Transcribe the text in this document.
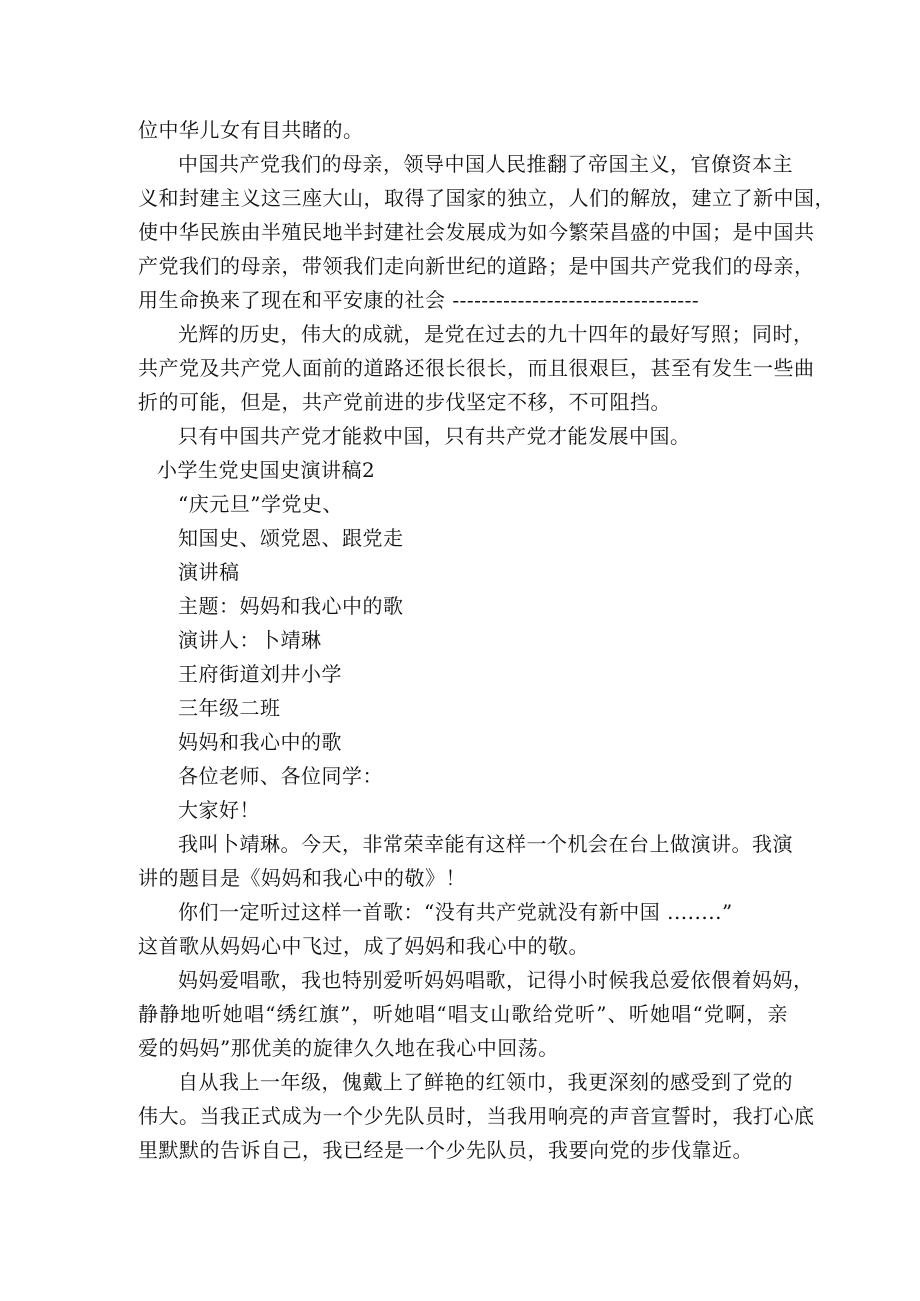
位中华儿女有目共睹的。
中国共产党我们的母亲，领导中国人民推翻了帝国主义，官僚资本主
义和封建主义这三座大山，取得了国家的独立，人们的解放，建立了新中国，
使中华民族由半殖民地半封建社会发展成为如今繁荣昌盛的中国；是中国共
产党我们的母亲，带领我们走向新世纪的道路；是中国共产党我们的母亲，
用生命换来了现在和平安康的社会 ----------------------------------
光辉的历史，伟大的成就，是党在过去的九十四年的最好写照；同时，
共产党及共产党人面前的道路还很长很长，而且很艰巨，甚至有发生一些曲
折的可能，但是，共产党前进的步伐坚定不移，不可阻挡。
只有中国共产党才能救中国，只有共产党才能发展中国。
小学生党史国史演讲稿2
“庆元旦”学党史、
知国史、颂党恩、跟党走
演讲稿
主题：妈妈和我心中的歌
演讲人：卜靖琳
王府街道刘井小学
三年级二班
妈妈和我心中的歌
各位老师、各位同学：
大家好！
我叫卜靖琳。今天，非常荣幸能有这样一个机会在台上做演讲。我演
讲的题目是《妈妈和我心中的敬》！
你们一定听过这样一首歌：“没有共产党就没有新中国 ........”
这首歌从妈妈心中飞过，成了妈妈和我心中的敬。
妈妈爱唱歌，我也特别爱听妈妈唱歌，记得小时候我总爱依偎着妈妈，
静静地听她唱“绣红旗”，听她唱“唱支山歌给党听”、听她唱“党啊，亲
爱的妈妈”那优美的旋律久久地在我心中回荡。
自从我上一年级，傀戴上了鲜艳的红领巾，我更深刻的感受到了党的
伟大。当我正式成为一个少先队员时，当我用响亮的声音宣誓时，我打心底
里默默的告诉自己，我已经是一个少先队员，我要向党的步伐靠近。
